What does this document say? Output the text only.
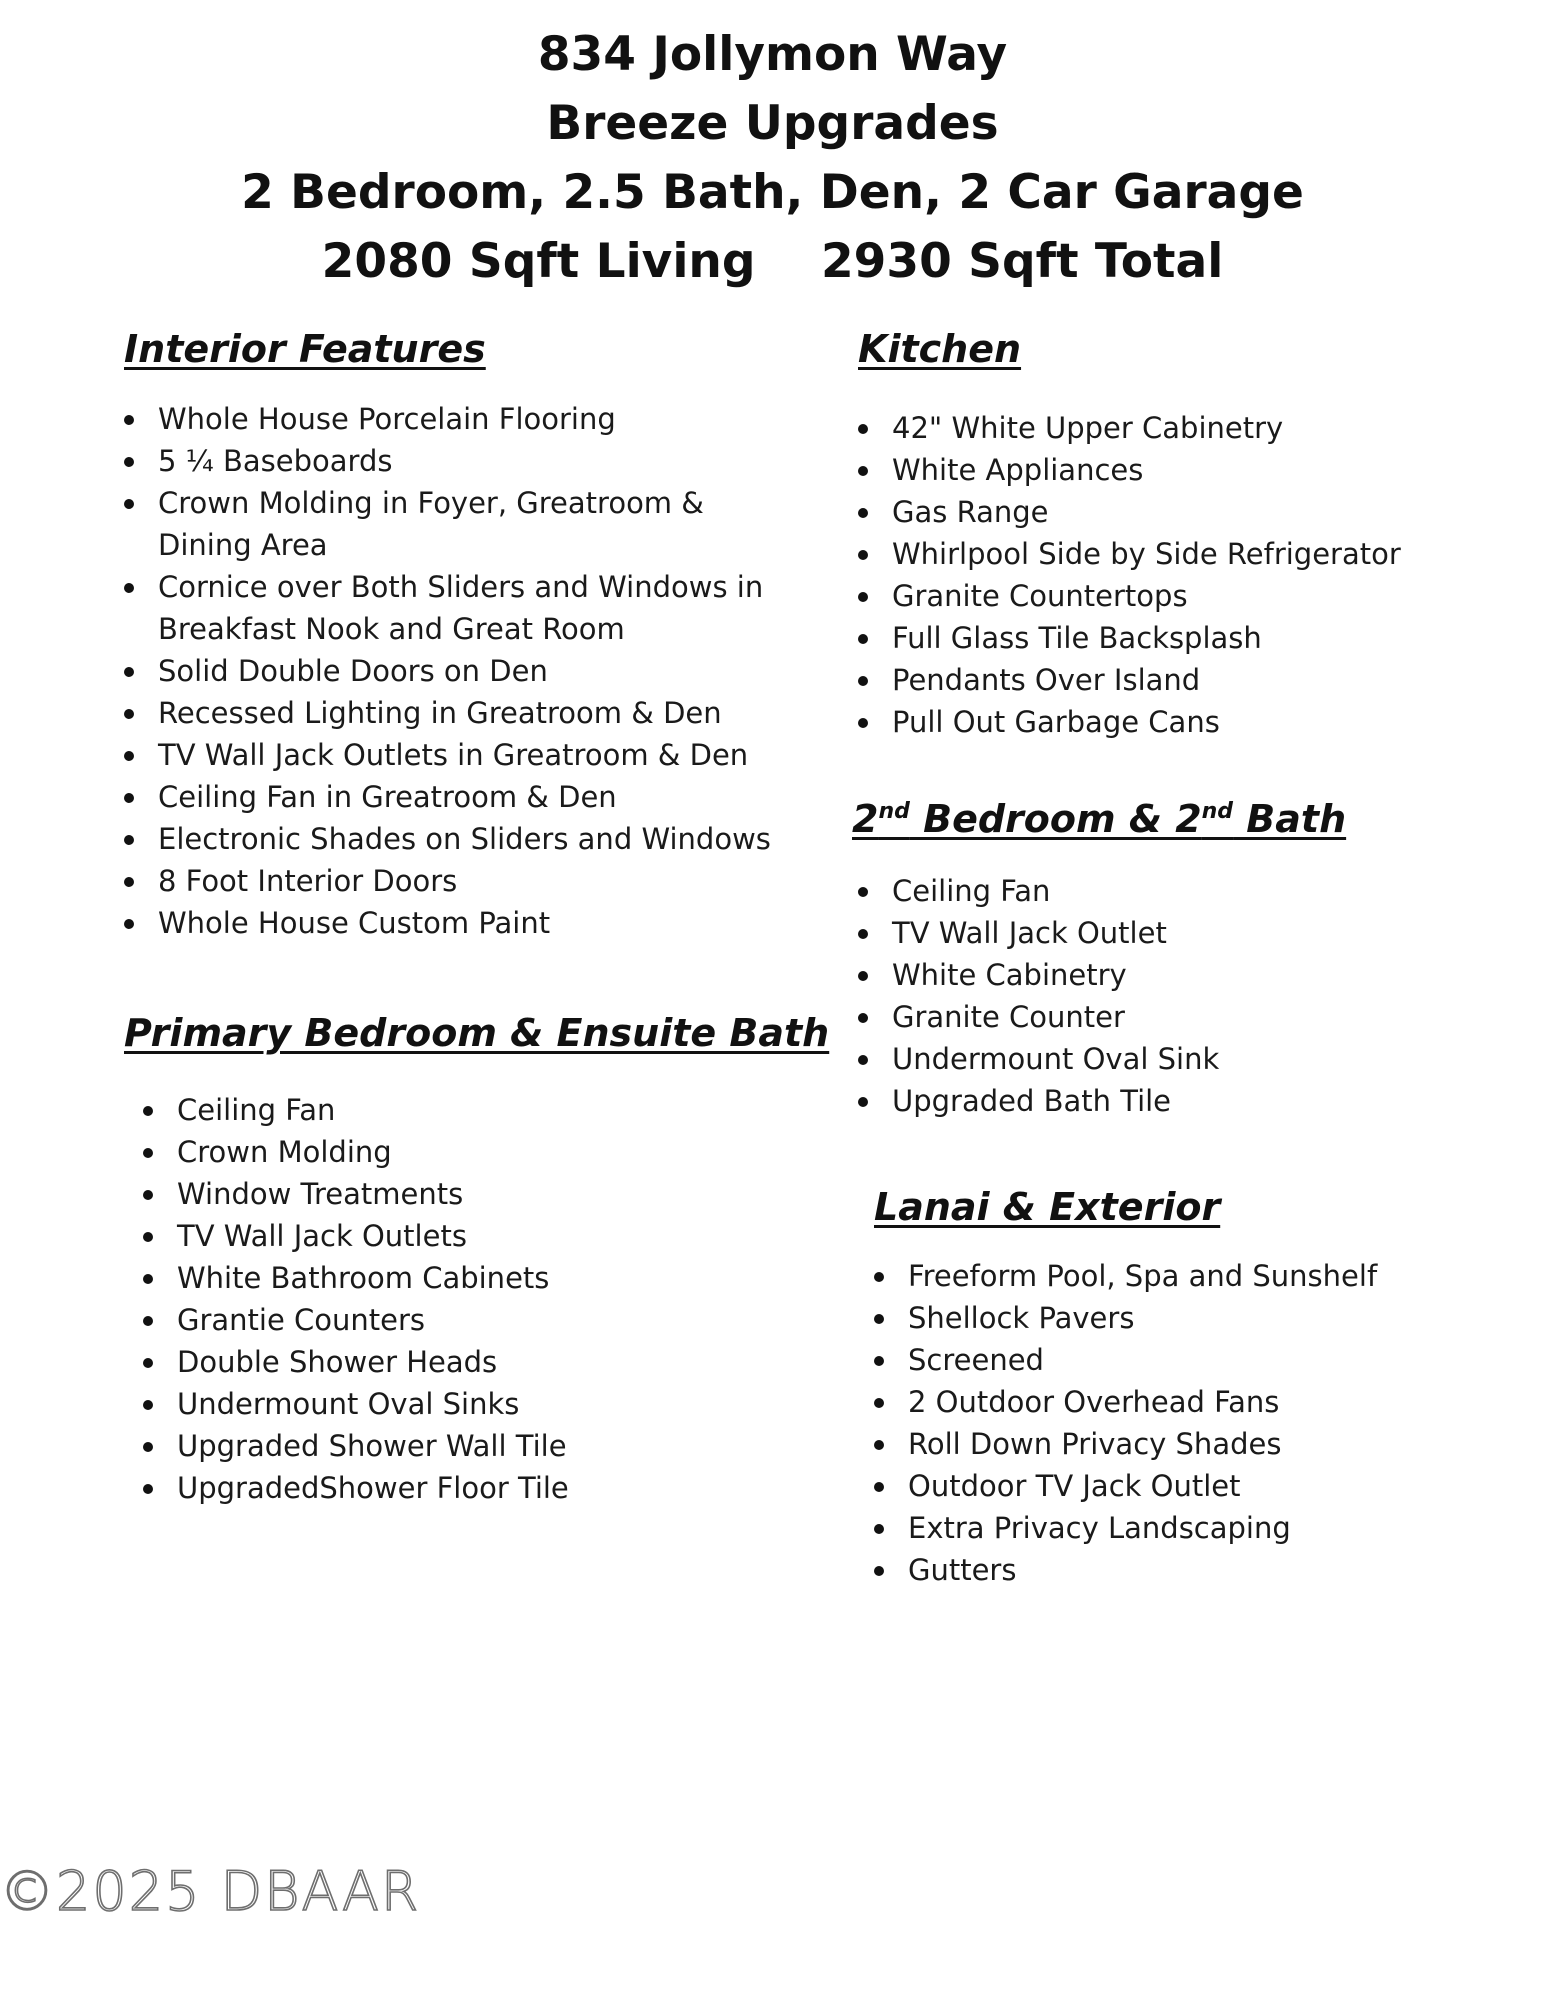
834 Jollymon Way
Breeze Upgrades
2 Bedroom, 2.5 Bath, Den, 2 Car Garage
2080 Sqft Living    2930 Sqft Total
Interior Features
Whole House Porcelain Flooring
5 ¼ Baseboards
Crown Molding in Foyer, Greatroom & Dining Area
Cornice over Both Sliders and Windows in Breakfast Nook and Great Room
Solid Double Doors on Den
Recessed Lighting in Greatroom & Den
TV Wall Jack Outlets in Greatroom & Den
Ceiling Fan in Greatroom & Den
Electronic Shades on Sliders and Windows
8 Foot Interior Doors
Whole House Custom Paint
Kitchen
42" White Upper Cabinetry
White Appliances
Gas Range
Whirlpool Side by Side Refrigerator
Granite Countertops
Full Glass Tile Backsplash
Pendants Over Island
Pull Out Garbage Cans
2nd Bedroom & 2nd Bath
Ceiling Fan
TV Wall Jack Outlet
White Cabinetry
Granite Counter
Undermount Oval Sink
Upgraded Bath Tile
Primary Bedroom & Ensuite Bath
Ceiling Fan
Crown Molding
Window Treatments
TV Wall Jack Outlets
White Bathroom Cabinets
Grantie Counters
Double Shower Heads
Undermount Oval Sinks
Upgraded Shower Wall Tile
UpgradedShower Floor Tile
Lanai & Exterior
Freeform Pool, Spa and Sunshelf
Shellock Pavers
Screened
2 Outdoor Overhead Fans
Roll Down Privacy Shades
Outdoor TV Jack Outlet
Extra Privacy Landscaping
Gutters
©2025 DBAAR
